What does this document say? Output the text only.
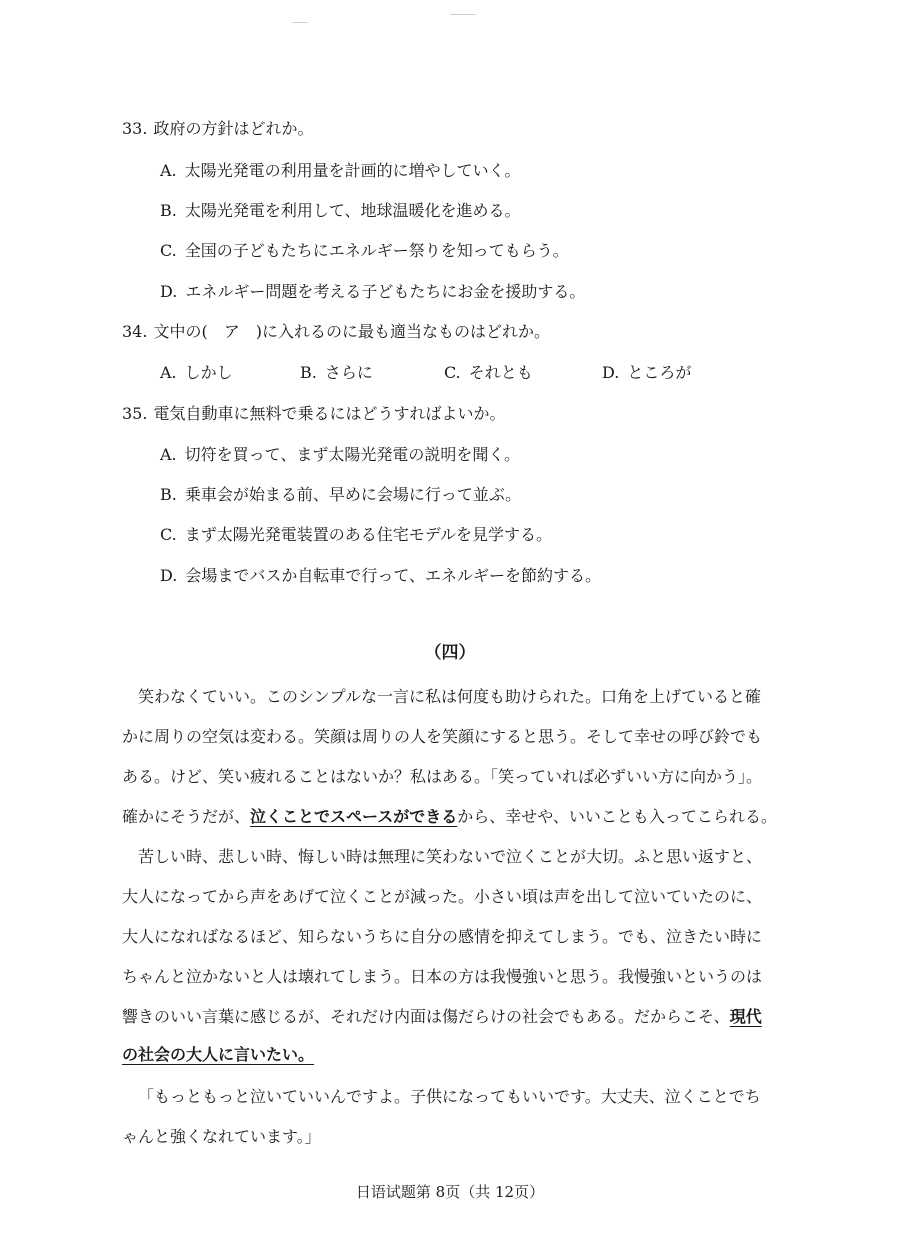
33. 政府の方針はどれか。
A. 太陽光発電の利用量を計画的に増やしていく。
B. 太陽光発電を利用して、地球温暖化を進める。
C. 全国の子どもたちにエネルギー祭りを知ってもらう。
D. エネルギー問題を考える子どもたちにお金を援助する。
34. 文中の(　ア　)に入れるのに最も適当なものはどれか。
A. しかし	B. さらに	C. それとも	D. ところが
35. 電気自動車に無料で乗るにはどうすればよいか。
A. 切符を買って、まず太陽光発電の説明を聞く。
B. 乗車会が始まる前、早めに会場に行って並ぶ。
C. まず太陽光発電装置のある住宅モデルを見学する。
D. 会場までバスか自転車で行って、エネルギーを節約する。
（四）
笑わなくていい。このシンプルな一言に私は何度も助けられた。口角を上げていると確
かに周りの空気は変わる。笑顔は周りの人を笑顔にすると思う。そして幸せの呼び鈴でも
ある。けど、笑い疲れることはないか？私はある。「笑っていれば必ずいい方に向かう」。
確かにそうだが、泣くことでスペースができるから、幸せや、いいことも入ってこられる。
苦しい時、悲しい時、悔しい時は無理に笑わないで泣くことが大切。ふと思い返すと、
大人になってから声をあげて泣くことが減った。小さい頃は声を出して泣いていたのに、
大人になればなるほど、知らないうちに自分の感情を抑えてしまう。でも、泣きたい時に
ちゃんと泣かないと人は壊れてしまう。日本の方は我慢強いと思う。我慢強いというのは
響きのいい言葉に感じるが、それだけ内面は傷だらけの社会でもある。だからこそ、現代
の社会の大人に言いたい。
「もっともっと泣いていいんですよ。子供になってもいいです。大丈夫、泣くことでち
ゃんと強くなれています。」
日语试题第 8页（共 12页）
